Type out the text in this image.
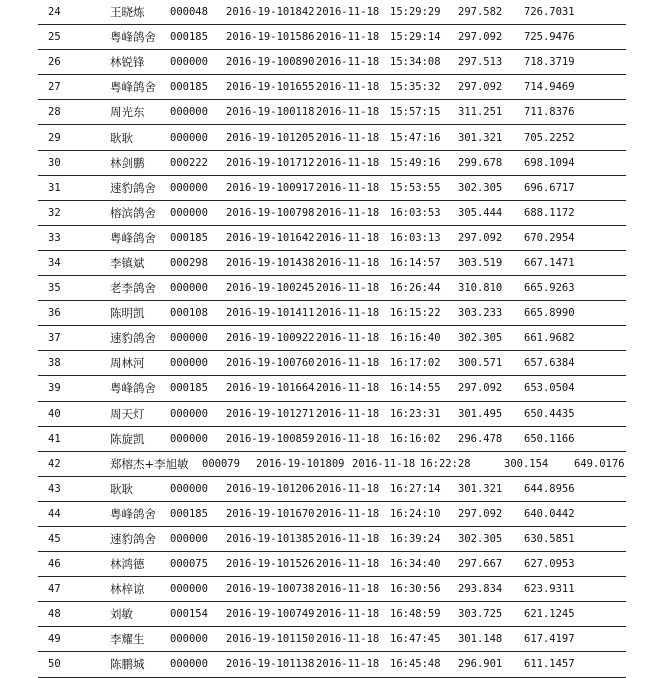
24	王晓炼 000048 2016-19-101842 2016-11-18 15:29:29 297.582 726.7031
25	粤峰鸽舍 000185 2016-19-101586 2016-11-18 15:29:14 297.092 725.9476
26	林锐锋 000000 2016-19-100890 2016-11-18 15:34:08 297.513 718.3719
27	粤峰鸽舍 000185 2016-19-101655 2016-11-18 15:35:32 297.092 714.9469
28	周光东 000000 2016-19-100118 2016-11-18 15:57:15 311.251 711.8376
29	耿耿	000000 2016-19-101205 2016-11-18 15:47:16 301.321 705.2252
30	林剑鹏 000222 2016-19-101712 2016-11-18 15:49:16 299.678 698.1094
31	速豹鸽舍 000000 2016-19-100917 2016-11-18 15:53:55 302.305 696.6717
32	榕滨鸽舍 000000 2016-19-100798 2016-11-18 16:03:53 305.444 688.1172
33	粤峰鸽舍 000185 2016-19-101642 2016-11-18 16:03:13 297.092 670.2954
34	李镇斌 000298 2016-19-101438 2016-11-18 16:14:57 303.519 667.1471
35	老李鸽舍 000000 2016-19-100245 2016-11-18 16:26:44 310.810 665.9263
36	陈明凯 000108 2016-19-101411 2016-11-18 16:15:22 303.233 665.8990
37	速豹鸽舍 000000 2016-19-100922 2016-11-18 16:16:40 302.305 661.9682
38	周林河 000000 2016-19-100760 2016-11-18 16:17:02 300.571 657.6384
39	粤峰鸽舍 000185 2016-19-101664 2016-11-18 16:14:55 297.092 653.0504
40	周天灯 000000 2016-19-101271 2016-11-18 16:23:31 301.495 650.4435
41	陈旋凯 000000 2016-19-100859 2016-11-18 16:16:02 296.478 650.1166
42	郑榕杰+李旭敏 000079 2016-19-101809 2016-11-18 16:22:28	300.154 649.0176
43	耿耿	000000 2016-19-101206 2016-11-18 16:27:14 301.321 644.8956
44	粤峰鸽舍 000185 2016-19-101670 2016-11-18 16:24:10 297.092 640.0442
45	速豹鸽舍 000000 2016-19-101385 2016-11-18 16:39:24 302.305 630.5851
46	林鸿德 000075 2016-19-101526 2016-11-18 16:34:40 297.667 627.0953
47	林梓谅 000000 2016-19-100738 2016-11-18 16:30:56 293.834 623.9311
48	刘敏	000154 2016-19-100749 2016-11-18 16:48:59 303.725 621.1245
49	李耀生 000000 2016-19-101150 2016-11-18 16:47:45 301.148 617.4197
50	陈鹏城 000000 2016-19-101138 2016-11-18 16:45:48 296.901 611.1457
